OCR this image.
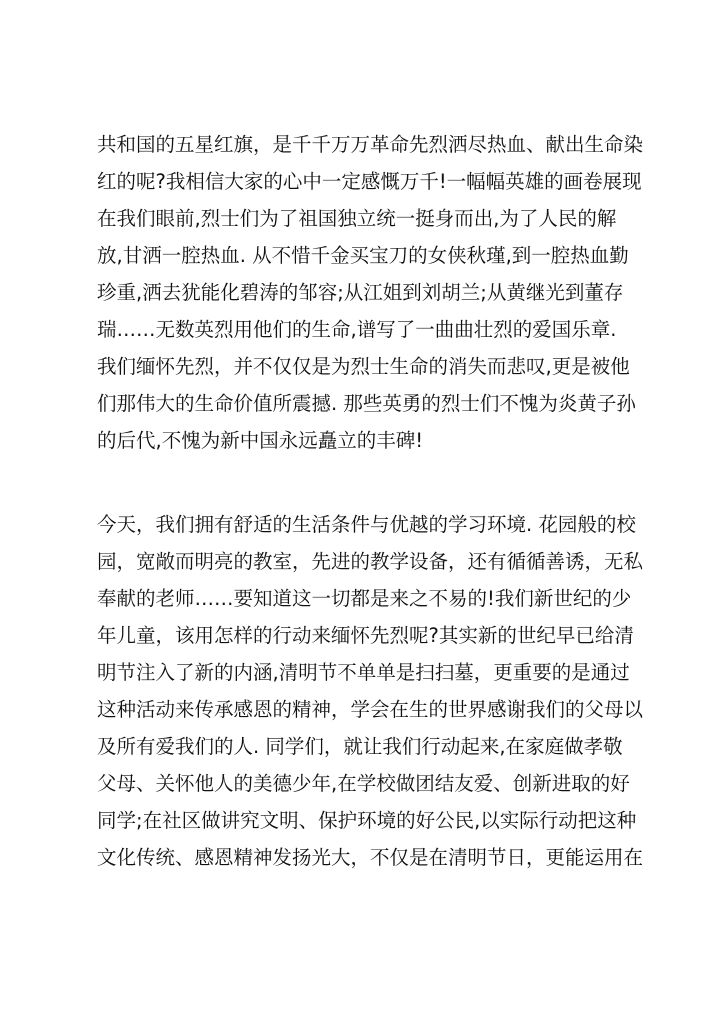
共和国的五星红旗，是千千万万革命先烈洒尽热血、献出生命染
红的呢?我相信大家的心中一定感慨万千!一幅幅英雄的画卷展现
在我们眼前,烈士们为了祖国独立统一挺身而出,为了人民的解
放,甘洒一腔热血. 从不惜千金买宝刀的女侠秋瑾,到一腔热血勤
珍重,洒去犹能化碧涛的邹容;从江姐到刘胡兰;从黄继光到董存
瑞……无数英烈用他们的生命,谱写了一曲曲壮烈的爱国乐章.
我们缅怀先烈，并不仅仅是为烈士生命的消失而悲叹,更是被他
们那伟大的生命价值所震撼. 那些英勇的烈士们不愧为炎黄子孙
的后代,不愧为新中国永远矗立的丰碑!
今天，我们拥有舒适的生活条件与优越的学习环境. 花园般的校
园，宽敞而明亮的教室，先进的教学设备，还有循循善诱，无私
奉献的老师……要知道这一切都是来之不易的!我们新世纪的少
年儿童，该用怎样的行动来缅怀先烈呢?其实新的世纪早已给清
明节注入了新的内涵,清明节不单单是扫扫墓，更重要的是通过
这种活动来传承感恩的精神，学会在生的世界感谢我们的父母以
及所有爱我们的人. 同学们，就让我们行动起来,在家庭做孝敬
父母、关怀他人的美德少年,在学校做团结友爱、创新进取的好
同学;在社区做讲究文明、保护环境的好公民,以实际行动把这种
文化传统、感恩精神发扬光大，不仅是在清明节日，更能运用在
